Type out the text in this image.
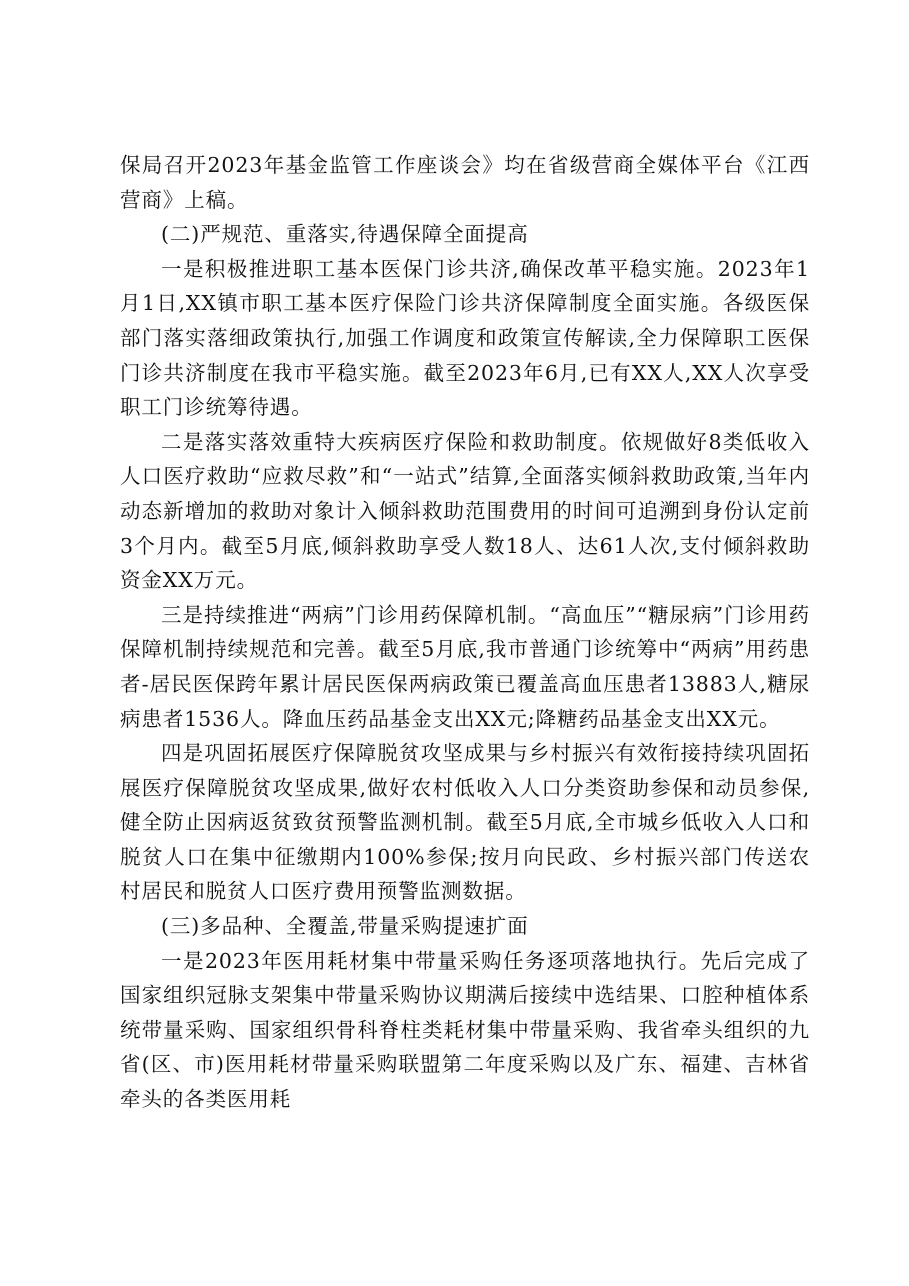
保局召开2023年基金监管工作座谈会》均在省级营商全媒体平台《江西营商》上稿。

(二)严规范、重落实,待遇保障全面提高

一是积极推进职工基本医保门诊共济,确保改革平稳实施。2023年1月1日,XX镇市职工基本医疗保险门诊共济保障制度全面实施。各级医保部门落实落细政策执行,加强工作调度和政策宣传解读,全力保障职工医保门诊共济制度在我市平稳实施。截至2023年6月,已有XX人,XX人次享受职工门诊统筹待遇。

二是落实落效重特大疾病医疗保险和救助制度。依规做好8类低收入人口医疗救助“应救尽救”和“一站式”结算,全面落实倾斜救助政策,当年内动态新增加的救助对象计入倾斜救助范围费用的时间可追溯到身份认定前3个月内。截至5月底,倾斜救助享受人数18人、达61人次,支付倾斜救助资金XX万元。

三是持续推进“两病”门诊用药保障机制。“高血压”“糖尿病”门诊用药保障机制持续规范和完善。截至5月底,我市普通门诊统筹中“两病”用药患者-居民医保跨年累计居民医保两病政策已覆盖高血压患者13883人,糖尿病患者1536人。降血压药品基金支出XX元;降糖药品基金支出XX元。

四是巩固拓展医疗保障脱贫攻坚成果与乡村振兴有效衔接持续巩固拓展医疗保障脱贫攻坚成果,做好农村低收入人口分类资助参保和动员参保,健全防止因病返贫致贫预警监测机制。截至5月底,全市城乡低收入人口和脱贫人口在集中征缴期内100%参保;按月向民政、乡村振兴部门传送农村居民和脱贫人口医疗费用预警监测数据。

(三)多品种、全覆盖,带量采购提速扩面

一是2023年医用耗材集中带量采购任务逐项落地执行。先后完成了国家组织冠脉支架集中带量采购协议期满后接续中选结果、口腔种植体系统带量采购、国家组织骨科脊柱类耗材集中带量采购、我省牵头组织的九省(区、市)医用耗材带量采购联盟第二年度采购以及广东、福建、吉林省牵头的各类医用耗
